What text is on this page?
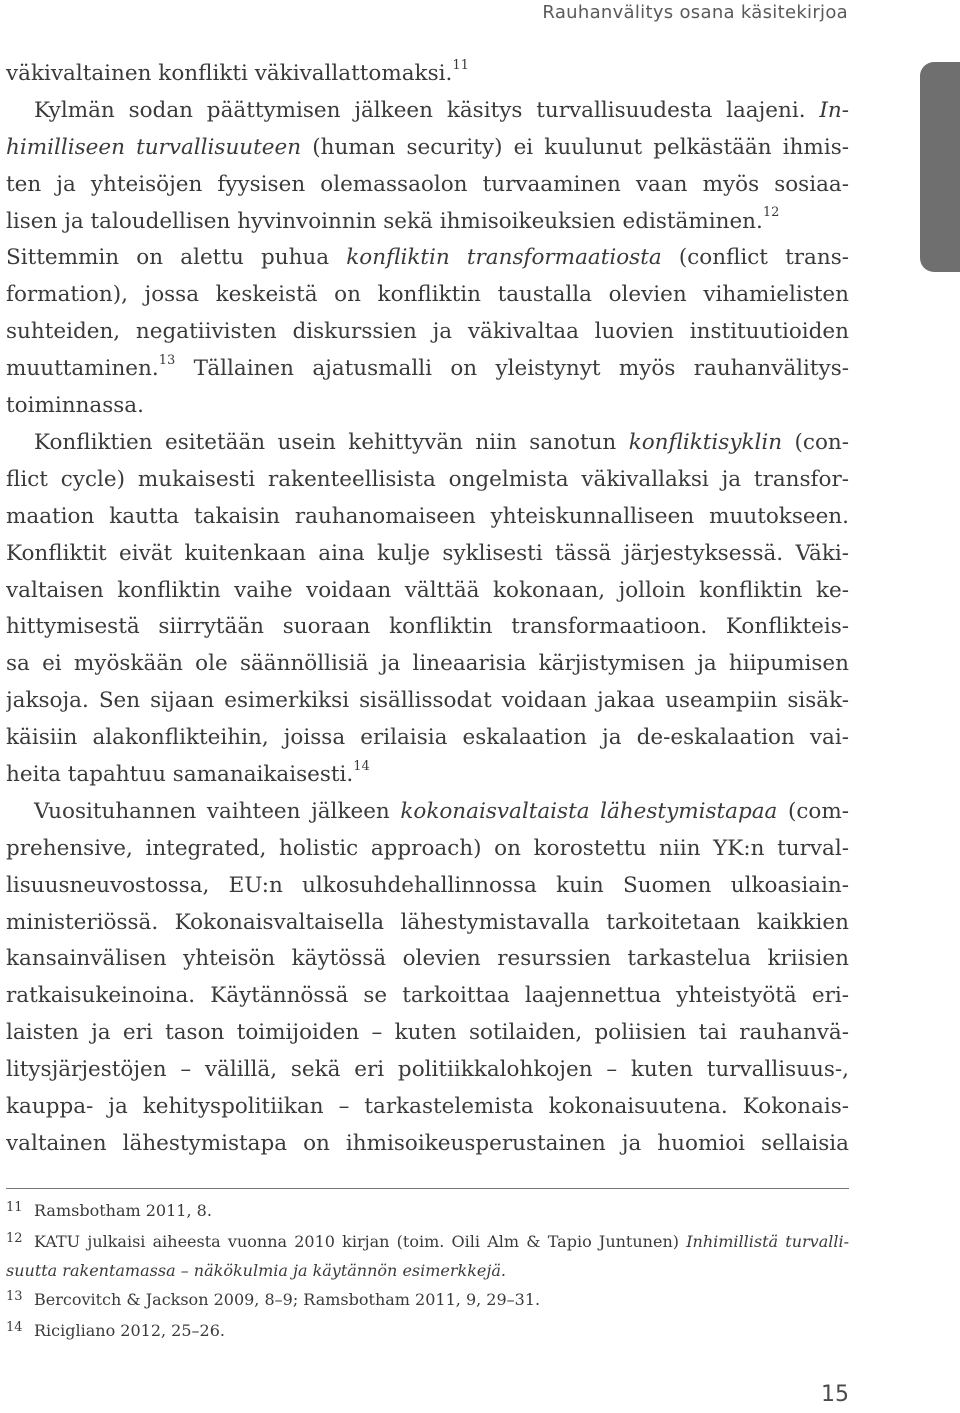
Rauhanvälitys osana käsitekirjoa
väkivaltainen konflikti väkivallattomaksi.$^{11}$
Kylmän sodan päättymisen jälkeen käsitys turvallisuudesta laajeni. In-
himilliseen turvallisuuteen (human security) ei kuulunut pelkästään ihmis-
ten ja yhteisöjen fyysisen olemassaolon turvaaminen vaan myös sosiaa-
lisen ja taloudellisen hyvinvoinnin sekä ihmisoikeuksien edistäminen.$^{12}$
Sittemmin on alettu puhua konfliktin transformaatiosta (conflict trans-
formation), jossa keskeistä on konfliktin taustalla olevien vihamielisten
suhteiden, negatiivisten diskurssien ja väkivaltaa luovien instituutioiden
muuttaminen.$^{13}$ Tällainen ajatusmalli on yleistynyt myös rauhanvälitys-
toiminnassa.
Konfliktien esitetään usein kehittyvän niin sanotun konfliktisyklin (con-
flict cycle) mukaisesti rakenteellisista ongelmista väkivallaksi ja transfor-
maation kautta takaisin rauhanomaiseen yhteiskunnalliseen muutokseen.
Konfliktit eivät kuitenkaan aina kulje syklisesti tässä järjestyksessä. Väki-
valtaisen konfliktin vaihe voidaan välttää kokonaan, jolloin konfliktin ke-
hittymisestä siirrytään suoraan konfliktin transformaatioon. Konflikteis-
sa ei myöskään ole säännöllisiä ja lineaarisia kärjistymisen ja hiipumisen
jaksoja. Sen sijaan esimerkiksi sisällissodat voidaan jakaa useampiin sisäk-
käisiin alakonflikteihin, joissa erilaisia eskalaation ja de-eskalaation vai-
heita tapahtuu samanaikaisesti.$^{14}$
Vuosituhannen vaihteen jälkeen kokonaisvaltaista lähestymistapaa (com-
prehensive, integrated, holistic approach) on korostettu niin YK:n turval-
lisuusneuvostossa, EU:n ulkosuhdehallinnossa kuin Suomen ulkoasiain-
ministeriössä. Kokonaisvaltaisella lähestymistavalla tarkoitetaan kaikkien
kansainvälisen yhteisön käytössä olevien resurssien tarkastelua kriisien
ratkaisukeinoina. Käytännössä se tarkoittaa laajennettua yhteistyötä eri-
laisten ja eri tason toimijoiden – kuten sotilaiden, poliisien tai rauhanvä-
litysjärjestöjen – välillä, sekä eri politiikkalohkojen – kuten turvallisuus-,
kauppa- ja kehityspolitiikan – tarkastelemista kokonaisuutena. Kokonais-
valtainen lähestymistapa on ihmisoikeusperustainen ja huomioi sellaisia
11 Ramsbotham 2011, 8.
12 KATU julkaisi aiheesta vuonna 2010 kirjan (toim. Oili Alm & Tapio Juntunen) Inhimillistä turvalli-
suutta rakentamassa – näkökulmia ja käytännön esimerkkejä.
13 Bercovitch & Jackson 2009, 8–9; Ramsbotham 2011, 9, 29–31.
14 Ricigliano 2012, 25–26.
15
